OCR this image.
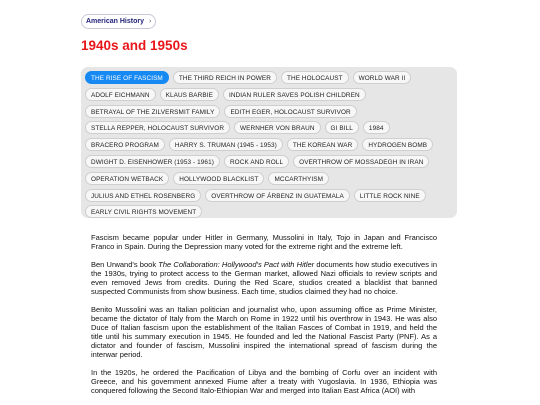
American History ›
1940s and 1950s
THE RISE OF FASCISM	THE THIRD REICH IN POWER	THE HOLOCAUST	WORLD WAR II
ADOLF EICHMANN	KLAUS BARBIE	INDIAN RULER SAVES POLISH CHILDREN
BETRAYAL OF THE ZILVERSMIT FAMILY	EDITH EGER, HOLOCAUST SURVIVOR
STELLA REPPER, HOLOCAUST SURVIVOR	WERNHER VON BRAUN	GI BILL	1984
BRACERO PROGRAM	HARRY S. TRUMAN (1945 - 1953)	THE KOREAN WAR	HYDROGEN BOMB
DWIGHT D. EISENHOWER (1953 - 1961)	ROCK AND ROLL	OVERTHROW OF MOSSADEGH IN IRAN
OPERATION WETBACK	HOLLYWOOD BLACKLIST	MCCARTHYISM
JULIUS AND ETHEL ROSENBERG	OVERTHROW OF ÁRBENZ IN GUATEMALA	LITTLE ROCK NINE
EARLY CIVIL RIGHTS MOVEMENT

Fascism became popular under Hitler in Germany, Mussolini in Italy, Tojo in Japan and Francisco Franco in Spain. During the Depression many voted for the extreme right and the extreme left.

Ben Urwand's book The Collaboration: Hollywood's Pact with Hitler documents how studio executives in the 1930s, trying to protect access to the German market, allowed Nazi officials to review scripts and even removed Jews from credits. During the Red Scare, studios created a blacklist that banned suspected Communists from show business. Each time, studios claimed they had no choice.

Benito Mussolini was an Italian politician and journalist who, upon assuming office as Prime Minister, became the dictator of Italy from the March on Rome in 1922 until his overthrow in 1943. He was also Duce of Italian fascism upon the establishment of the Italian Fasces of Combat in 1919, and held the title until his summary execution in 1945. He founded and led the National Fascist Party (PNF). As a dictator and founder of fascism, Mussolini inspired the international spread of fascism during the interwar period.

In the 1920s, he ordered the Pacification of Libya and the bombing of Corfu over an incident with Greece, and his government annexed Fiume after a treaty with Yugoslavia. In 1936, Ethiopia was conquered following the Second Italo-Ethiopian War and merged into Italian East Africa (AOI) with
